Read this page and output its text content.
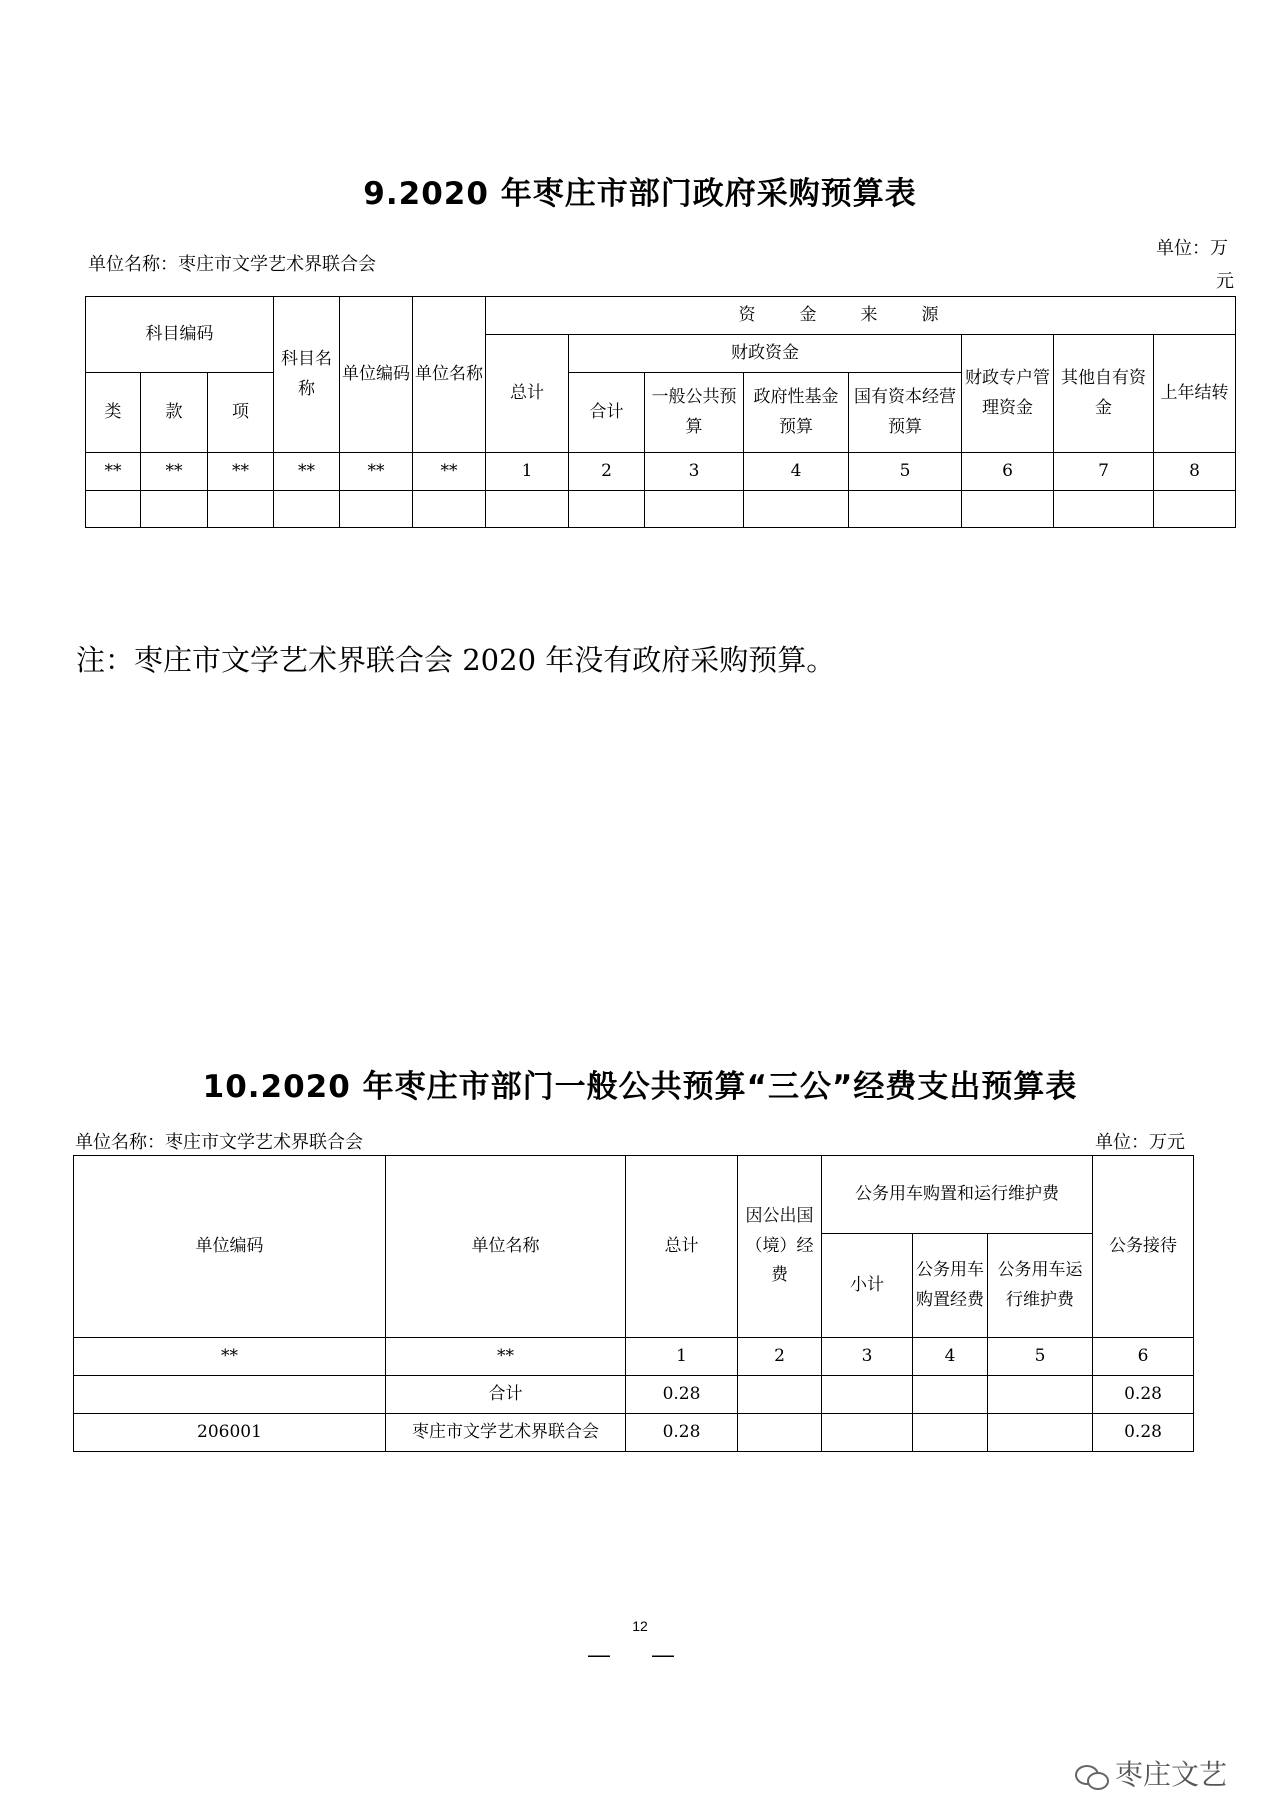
9.2020 年枣庄市部门政府采购预算表
单位名称：枣庄市文学艺术界联合会
单位：万
元
科目编码			科目名称	单位编码	单位名称	资金来源							
						总计	财政资金				财政专户管理资金	其他自有资金	上年结转
类	款	项					合计	一般公共预算	政府性基金预算	国有资本经营预算			
**	**	**	**	**	**	1	2	3	4	5	6	7	8

注：枣庄市文学艺术界联合会 2020 年没有政府采购预算。
10.2020 年枣庄市部门一般公共预算“三公”经费支出预算表
单位名称：枣庄市文学艺术界联合会	单位：万元
单位编码	单位名称	总计	因公出国（境）经费	公务用车购置和运行维护费			公务接待
				小计	公务用车购置经费	公务用车运行维护费	
**	**	1	2	3	4	5	6
	合计	0.28					0.28
206001	枣庄市文学艺术界联合会	0.28					0.28
12
— —
枣庄文艺
